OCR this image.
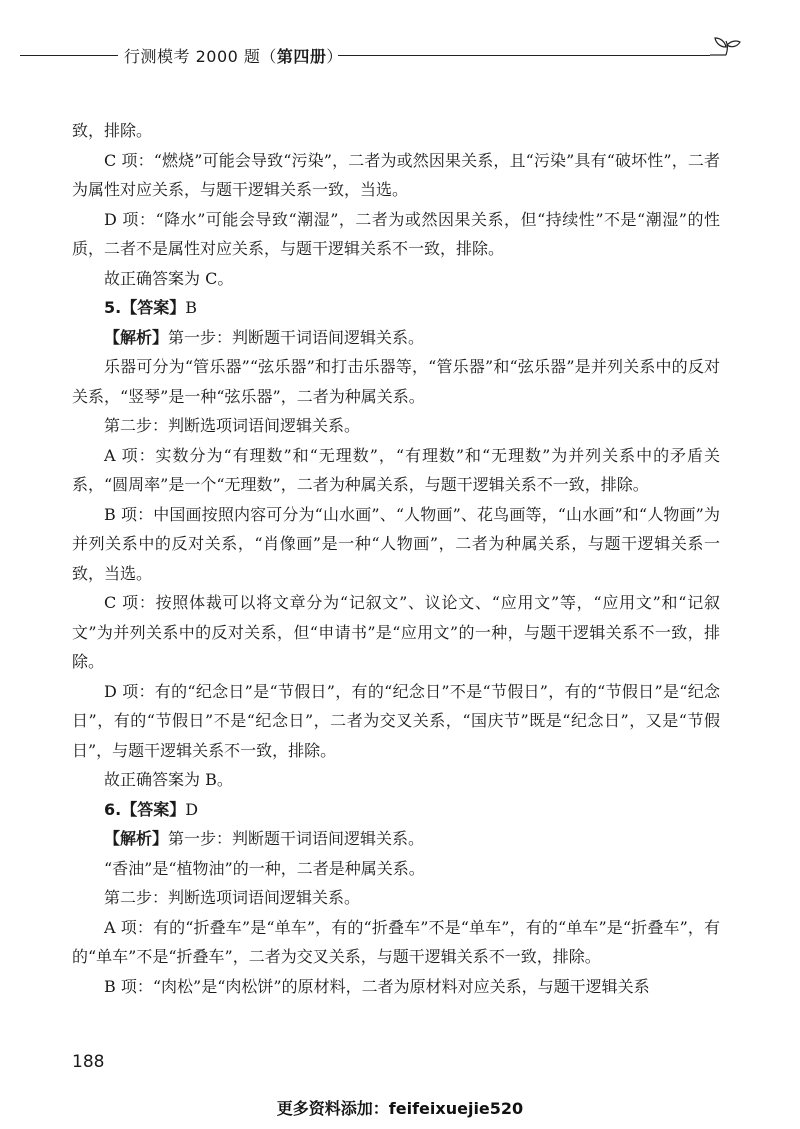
行测模考 2000 题（第四册）

致，排除。

C 项：“燃烧”可能会导致“污染”，二者为或然因果关系，且“污染”具有“破坏性”，二者为属性对应关系，与题干逻辑关系一致，当选。

D 项：“降水”可能会导致“潮湿”，二者为或然因果关系，但“持续性”不是“潮湿”的性质，二者不是属性对应关系，与题干逻辑关系不一致，排除。

故正确答案为 C。

5.【答案】B

【解析】第一步：判断题干词语间逻辑关系。

乐器可分为“管乐器”“弦乐器”和打击乐器等，“管乐器”和“弦乐器”是并列关系中的反对关系，“竖琴”是一种“弦乐器”，二者为种属关系。

第二步：判断选项词语间逻辑关系。

A 项：实数分为“有理数”和“无理数”，“有理数”和“无理数”为并列关系中的矛盾关系，“圆周率”是一个“无理数”，二者为种属关系，与题干逻辑关系不一致，排除。

B 项：中国画按照内容可分为“山水画”、“人物画”、花鸟画等，“山水画”和“人物画”为并列关系中的反对关系，“肖像画”是一种“人物画”，二者为种属关系，与题干逻辑关系一致，当选。

C 项：按照体裁可以将文章分为“记叙文”、议论文、“应用文”等，“应用文”和“记叙文”为并列关系中的反对关系，但“申请书”是“应用文”的一种，与题干逻辑关系不一致，排除。

D 项：有的“纪念日”是“节假日”，有的“纪念日”不是“节假日”，有的“节假日”是“纪念日”，有的“节假日”不是“纪念日”，二者为交叉关系，“国庆节”既是“纪念日”，又是“节假日”，与题干逻辑关系不一致，排除。

故正确答案为 B。

6.【答案】D

【解析】第一步：判断题干词语间逻辑关系。

“香油”是“植物油”的一种，二者是种属关系。

第二步：判断选项词语间逻辑关系。

A 项：有的“折叠车”是“单车”，有的“折叠车”不是“单车”，有的“单车”是“折叠车”，有的“单车”不是“折叠车”，二者为交叉关系，与题干逻辑关系不一致，排除。

B 项：“肉松”是“肉松饼”的原材料，二者为原材料对应关系，与题干逻辑关系

188
更多资料添加：feifeixuejie520
